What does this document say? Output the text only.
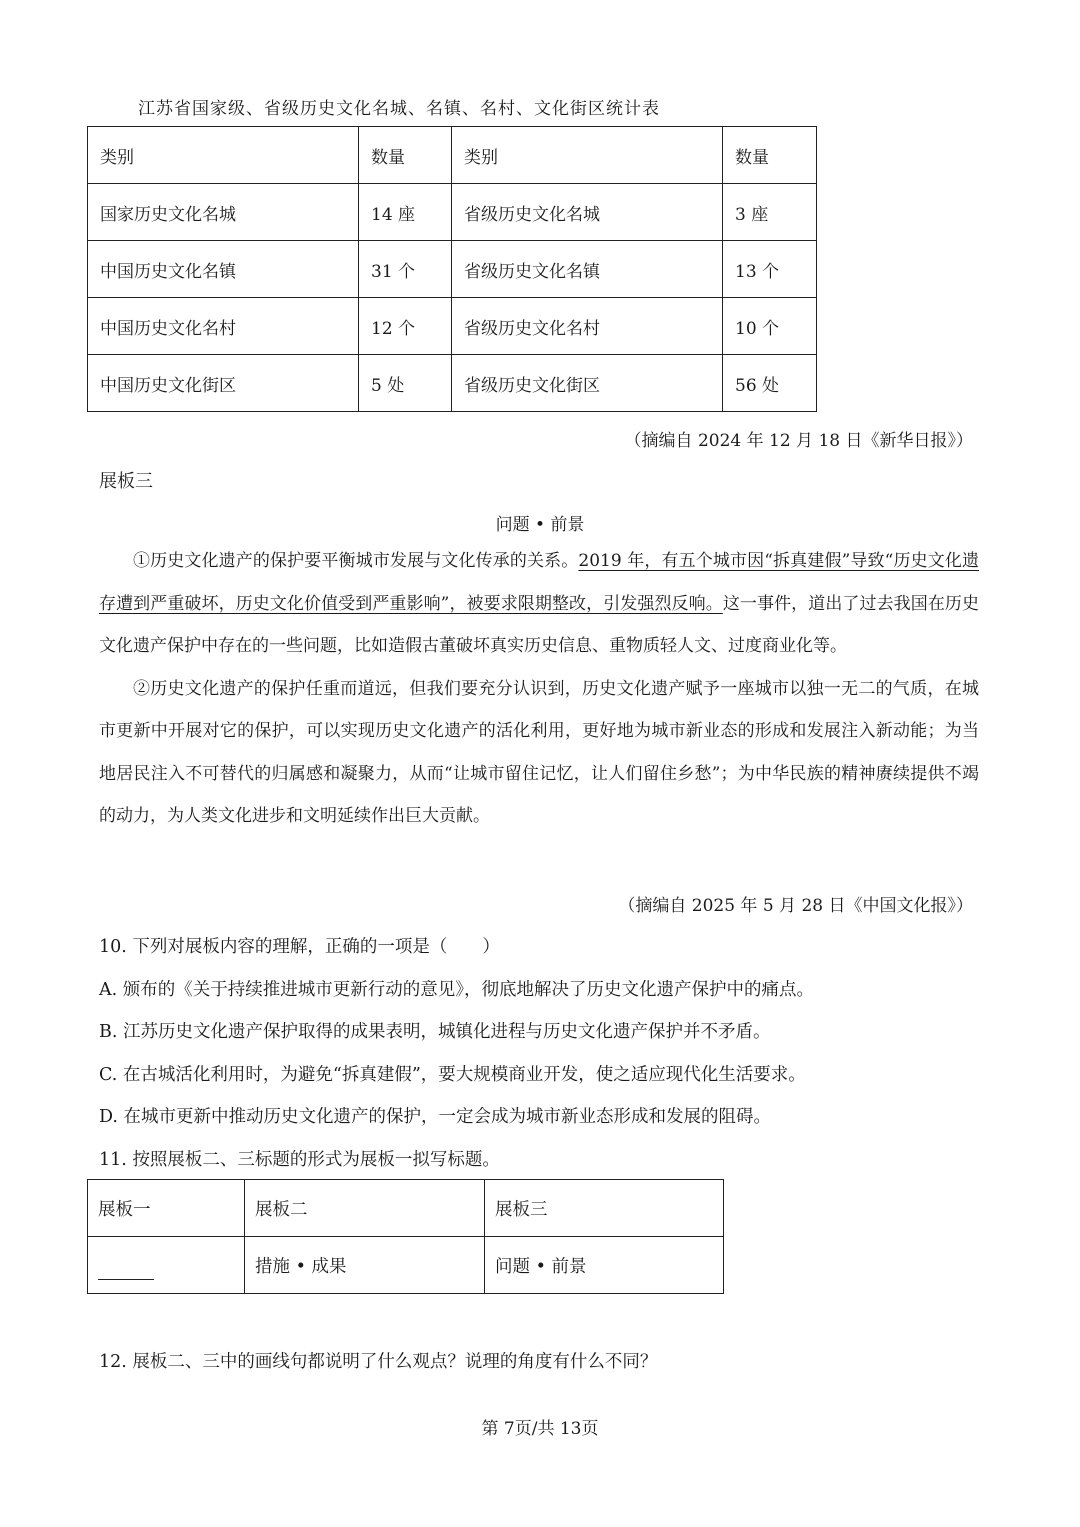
江苏省国家级、省级历史文化名城、名镇、名村、文化街区统计表
类别	数量	类别	数量
国家历史文化名城	14 座	省级历史文化名城	3 座
中国历史文化名镇	31 个	省级历史文化名镇	13 个
中国历史文化名村	12 个	省级历史文化名村	10 个
中国历史文化街区	5 处	省级历史文化街区	56 处
（摘编自 2024 年 12 月 18 日《新华日报》）
展板三
问题 • 前景

①历史文化遗产的保护要平衡城市发展与文化传承的关系。2019 年，有五个城市因“拆真建假”导致“历史文化遗存遭到严重破坏，历史文化价值受到严重影响”，被要求限期整改，引发强烈反响。这一事件，道出了过去我国在历史文化遗产保护中存在的一些问题，比如造假古董破坏真实历史信息、重物质轻人文、过度商业化等。

②历史文化遗产的保护任重而道远，但我们要充分认识到，历史文化遗产赋予一座城市以独一无二的气质，在城市更新中开展对它的保护，可以实现历史文化遗产的活化利用，更好地为城市新业态的形成和发展注入新动能；为当地居民注入不可替代的归属感和凝聚力，从而“让城市留住记忆，让人们留住乡愁”；为中华民族的精神赓续提供不竭的动力，为人类文化进步和文明延续作出巨大贡献。

（摘编自 2025 年 5 月 28 日《中国文化报》）
10. 下列对展板内容的理解，正确的一项是（　　）
A. 颁布的《关于持续推进城市更新行动的意见》，彻底地解决了历史文化遗产保护中的痛点。
B. 江苏历史文化遗产保护取得的成果表明，城镇化进程与历史文化遗产保护并不矛盾。
C. 在古城活化利用时，为避免“拆真建假”，要大规模商业开发，使之适应现代化生活要求。
D. 在城市更新中推动历史文化遗产的保护，一定会成为城市新业态形成和发展的阻碍。
11. 按照展板二、三标题的形式为展板一拟写标题。
展板一	展板二	展板三
	措施 • 成果	问题 • 前景
12. 展板二、三中的画线句都说明了什么观点？说理的角度有什么不同？
第 7页/共 13页
